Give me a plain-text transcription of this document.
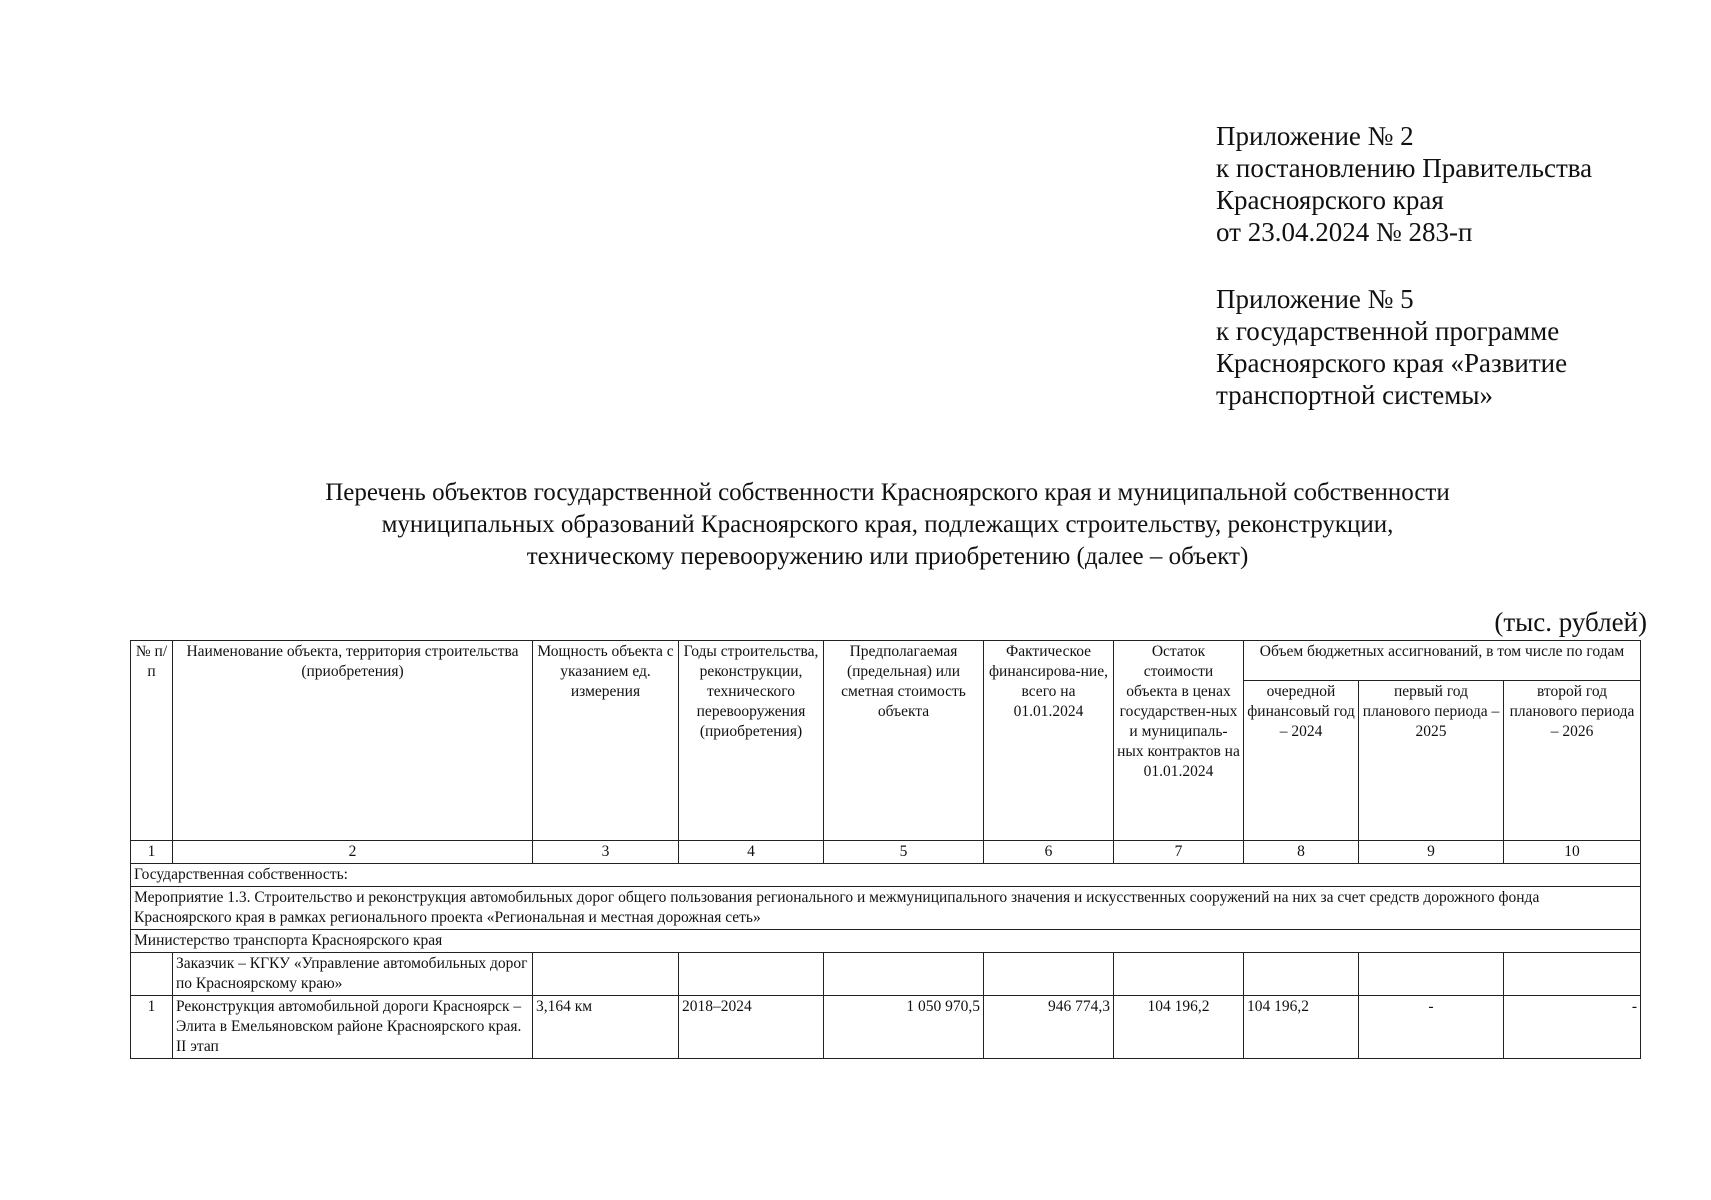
Приложение № 2
к постановлению Правительства
Красноярского края
от 23.04.2024 № 283-п
Приложение № 5
к государственной программе
Красноярского края «Развитие
транспортной системы»
Перечень объектов государственной собственности Красноярского края и муниципальной собственности
муниципальных образований Красноярского края, подлежащих строительству, реконструкции,
техническому перевооружению или приобретению (далее – объект)
(тыс. рублей)
№ п/п	Наименование объекта, территория строительства (приобретения)	Мощность объекта с указанием ед. измерения	Годы строительства, реконструкции, технического перевооружения (приобретения)	Предполагаемая (предельная) или сметная стоимость объекта	Фактическое финансирова-ние, всего на 01.01.2024	Остаток стоимости объекта в ценах государствен-ных и муниципаль-ных контрактов на 01.01.2024	Объем бюджетных ассигнований, в том числе по годам		
							очередной финансовый год – 2024	первый год планового периода – 2025	второй год планового периода – 2026
1	2	3	4	5	6	7	8	9	10
Государственная собственность:									
Мероприятие 1.3. Строительство и реконструкция автомобильных дорог общего пользования регионального и межмуниципального значения и искусственных сооружений на них за счет средств дорожного фонда Красноярского края в рамках регионального проекта «Региональная и местная дорожная сеть»									
Министерство транспорта Красноярского края									
	Заказчик – КГКУ «Управление автомобильных дорог по Красноярскому краю»								
1	Реконструкция автомобильной дороги Красноярск – Элита в Емельяновском районе Красноярского края. II этап	3,164 км	2018–2024	1 050 970,5	946 774,3	104 196,2	104 196,2	-	-
